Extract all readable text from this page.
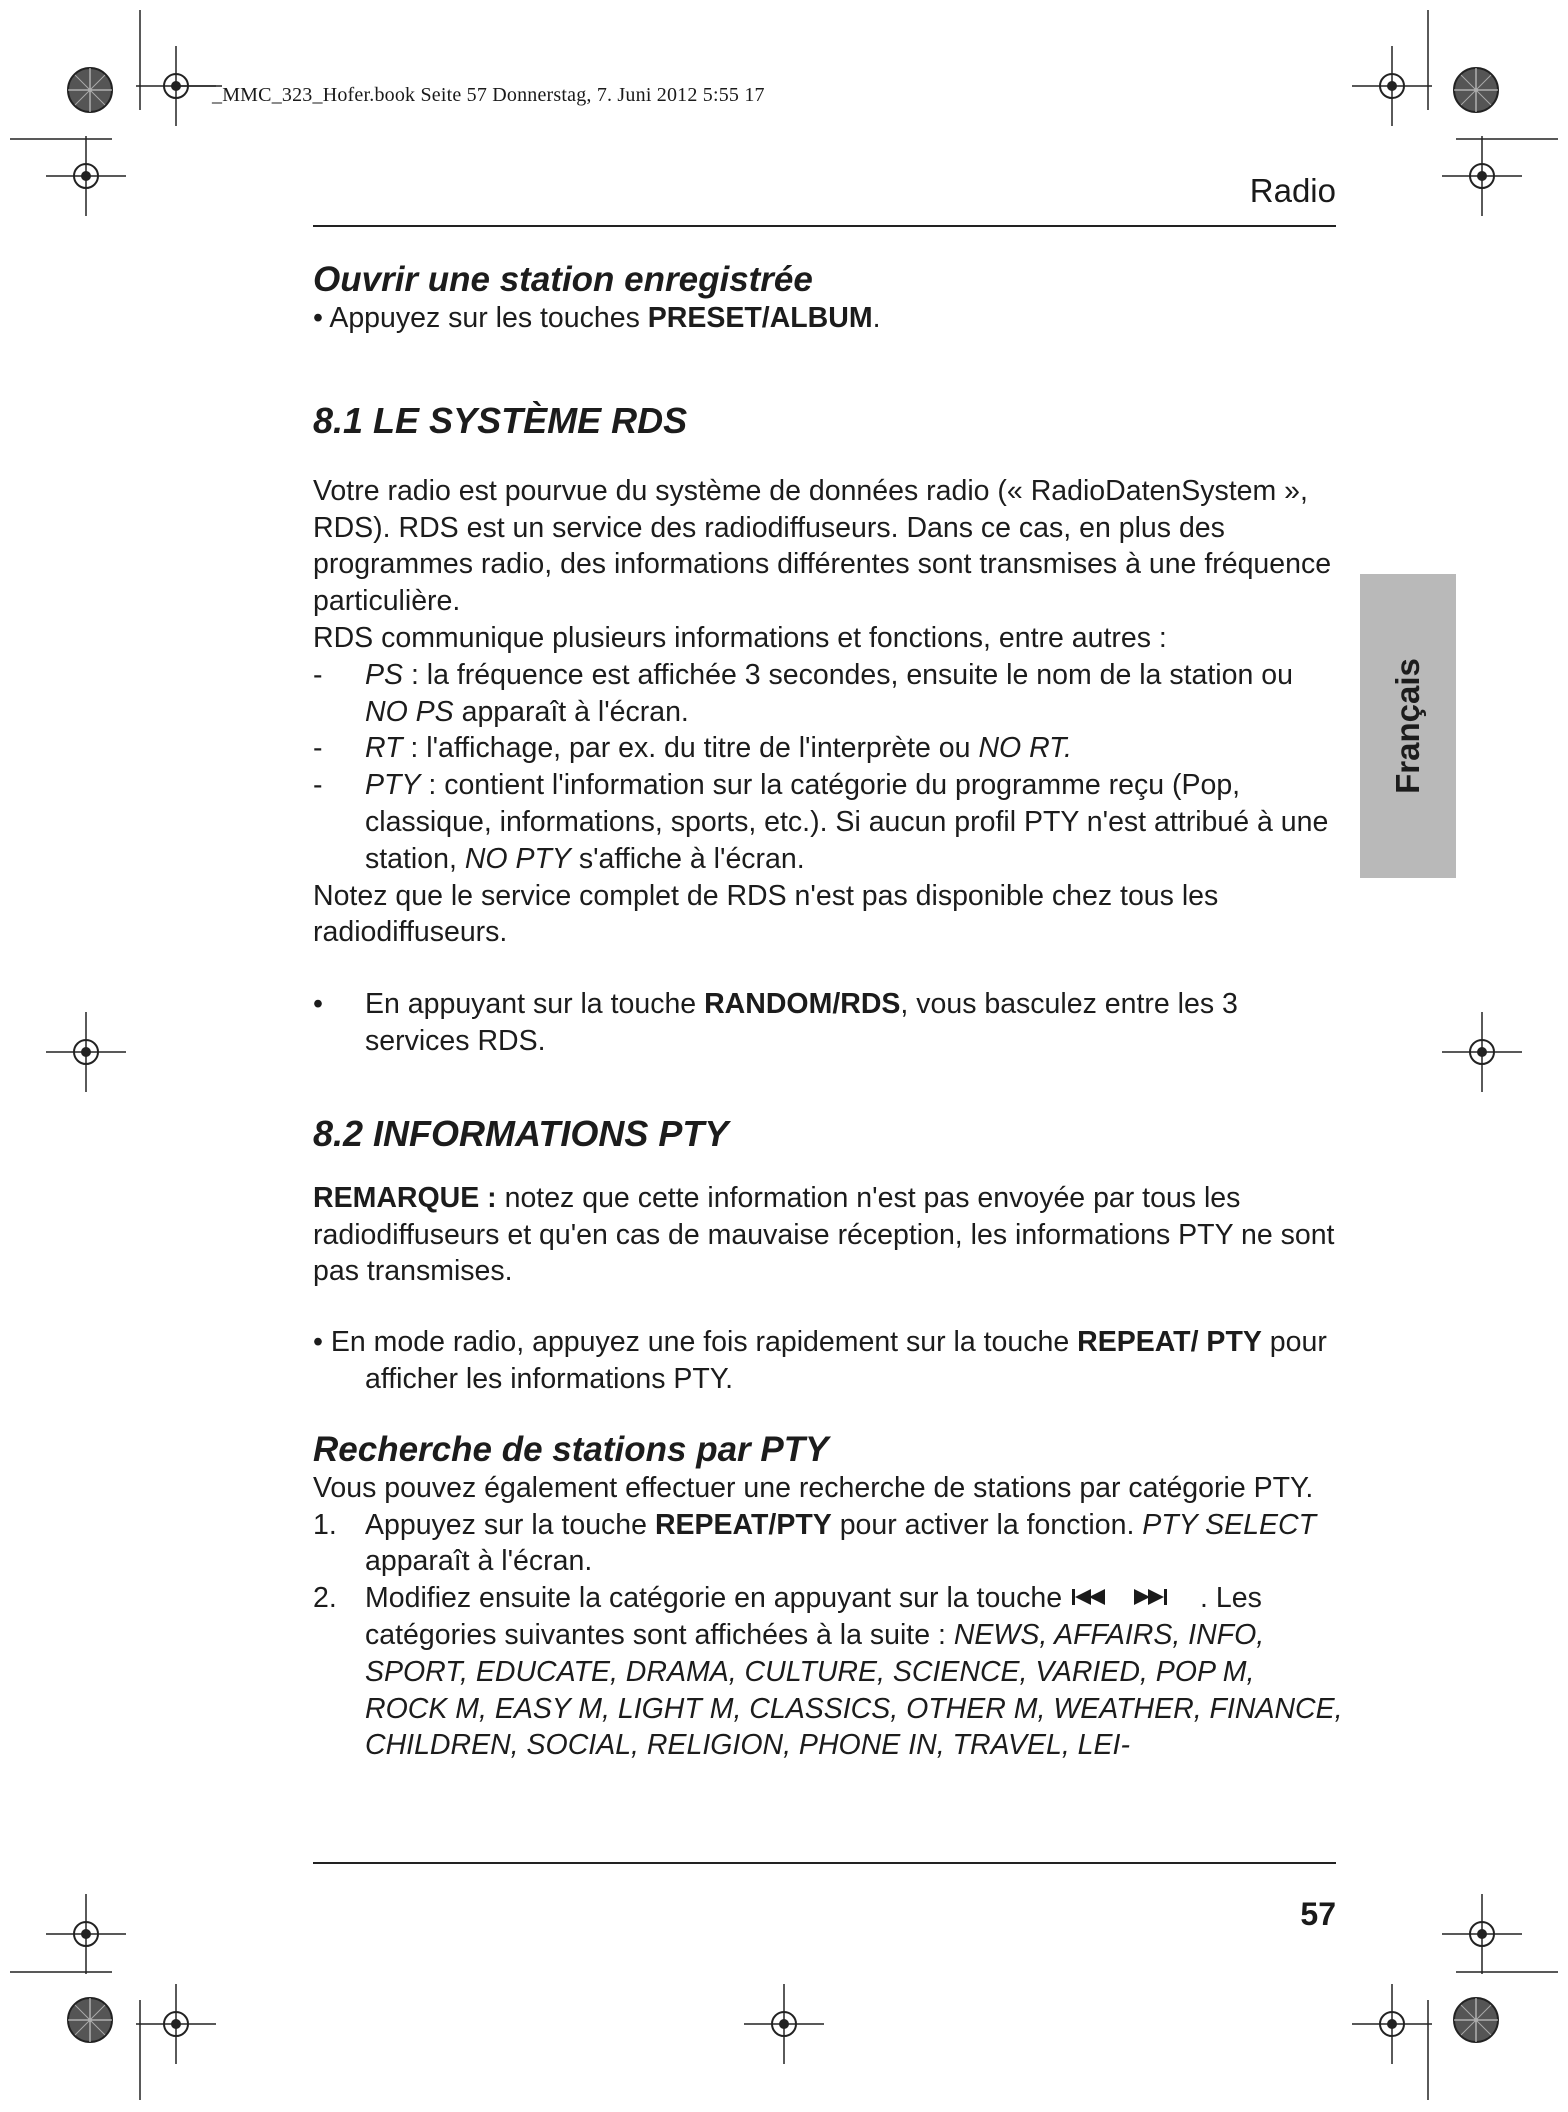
_MMC_323_Hofer.book Seite 57 Donnerstag, 7. Juni 2012 5:55 17
Radio
Français
Ouvrir une station enregistrée

• Appuyez sur les touches PRESET/ALBUM.

8.1 LE SYSTÈME RDS

Votre radio est pourvue du système de données radio (« RadioDatenSystem », RDS). RDS est un service des radiodiffuseurs. Dans ce cas, en plus des programmes radio, des informations différentes sont transmises à une fréquence particulière.

RDS communique plusieurs informations et fonctions, entre autres :

- PS : la fréquence est affichée 3 secondes, ensuite le nom de la station ou NO PS apparaît à l'écran.
- RT : l'affichage, par ex. du titre de l'interprète ou NO RT.
- PTY : contient l'information sur la catégorie du programme reçu (Pop, classique, informations, sports, etc.). Si aucun profil PTY n'est attribué à une station, NO PTY s'affiche à l'écran.

Notez que le service complet de RDS n'est pas disponible chez tous les radiodiffuseurs.

• En appuyant sur la touche RANDOM/RDS, vous basculez entre les 3 services RDS.
8.2 INFORMATIONS PTY

REMARQUE : notez que cette information n'est pas envoyée par tous les radiodiffuseurs et qu'en cas de mauvaise réception, les informations PTY ne sont pas transmises.

• En mode radio, appuyez une fois rapidement sur la touche REPEAT/ PTY pour afficher les informations PTY.

Recherche de stations par PTY

Vous pouvez également effectuer une recherche de stations par catégorie PTY.

1. Appuyez sur la touche REPEAT/PTY pour activer la fonction. PTY SELECT apparaît à l'écran.
2. Modifiez ensuite la catégorie en appuyant sur la touche	. Les catégories suivantes sont affichées à la suite : NEWS, AFFAIRS, INFO, SPORT, EDUCATE, DRAMA, CULTURE, SCIENCE, VARIED, POP M, ROCK M, EASY M, LIGHT M, CLASSICS, OTHER M, WEATHER, FINANCE, CHILDREN, SOCIAL, RELIGION, PHONE IN, TRAVEL, LEI-
57
